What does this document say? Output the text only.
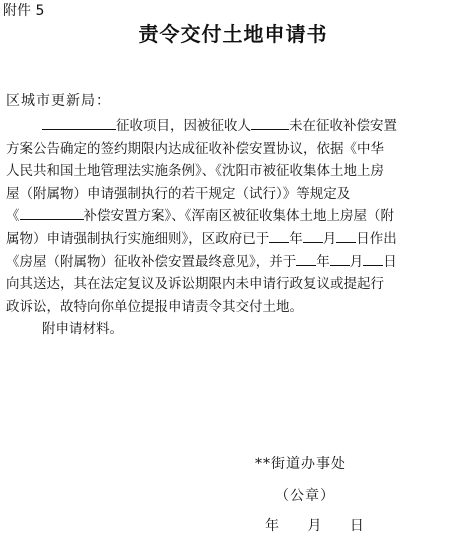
附件 5
责令交付土地申请书
区城市更新局：
征收项目，因被征收人	未在征收补偿安置
方案公告确定的签约期限内达成征收补偿安置协议，依据《中华
人民共和国土地管理法实施条例》、《沈阳市被征收集体土地上房
屋（附属物）申请强制执行的若干规定（试行）》等规定及
《	补偿安置方案》、《浑南区被征收集体土地上房屋（附
属物）申请强制执行实施细则》，区政府已于 年 月 日作出
《房屋（附属物）征收补偿安置最终意见》，并于 年 月 日
向其送达，其在法定复议及诉讼期限内未申请行政复议或提起行
政诉讼，故特向你单位提报申请责令其交付土地。
附申请材料。
**街道办事处
（公章）
年 月 日
